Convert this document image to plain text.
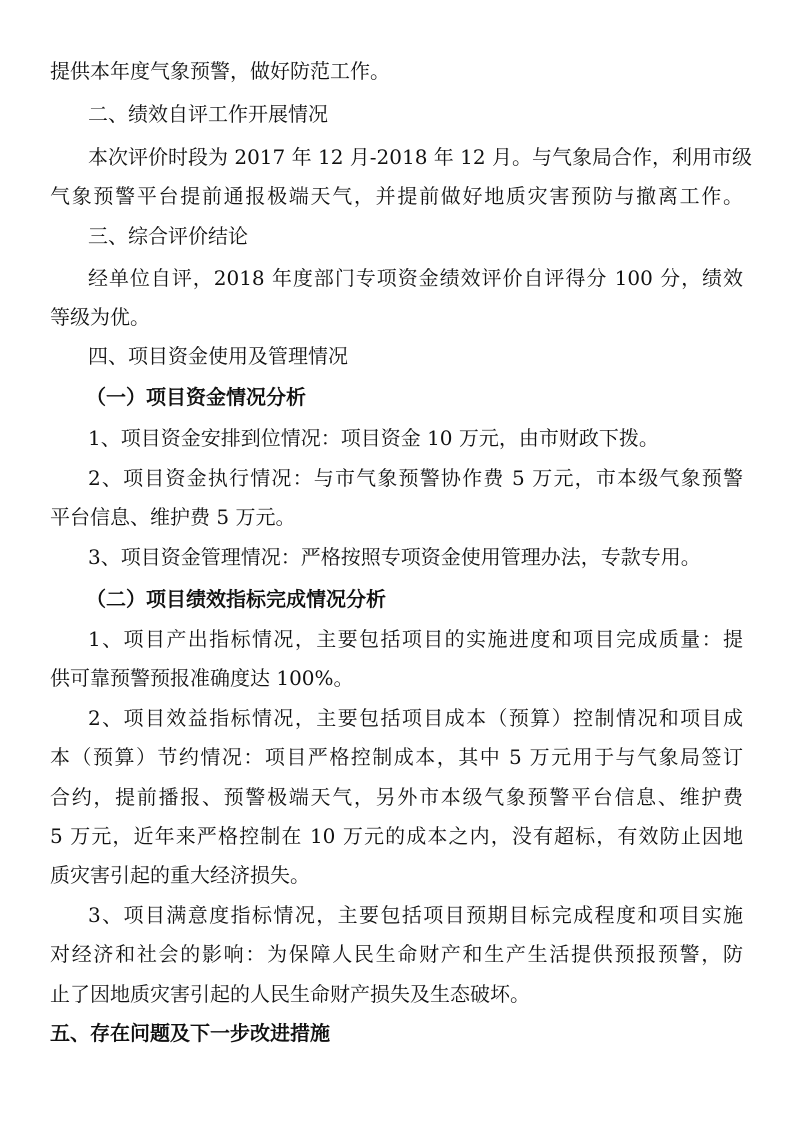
提供本年度气象预警，做好防范工作。
二、绩效自评工作开展情况
本次评价时段为 2017 年 12 月-2018 年 12 月。与气象局合作，利用市级
气象预警平台提前通报极端天气，并提前做好地质灾害预防与撤离工作。
三、综合评价结论
经单位自评，2018 年度部门专项资金绩效评价自评得分 100 分，绩效
等级为优。
四、项目资金使用及管理情况
（一）项目资金情况分析
1、项目资金安排到位情况：项目资金 10 万元，由市财政下拨。
2、项目资金执行情况：与市气象预警协作费 5 万元，市本级气象预警
平台信息、维护费 5 万元。
3、项目资金管理情况：严格按照专项资金使用管理办法，专款专用。
（二）项目绩效指标完成情况分析
1、项目产出指标情况，主要包括项目的实施进度和项目完成质量：提
供可靠预警预报准确度达 100%。
2、项目效益指标情况，主要包括项目成本（预算）控制情况和项目成
本（预算）节约情况：项目严格控制成本，其中 5 万元用于与气象局签订
合约，提前播报、预警极端天气，另外市本级气象预警平台信息、维护费
5 万元，近年来严格控制在 10 万元的成本之内，没有超标，有效防止因地
质灾害引起的重大经济损失。
3、项目满意度指标情况，主要包括项目预期目标完成程度和项目实施
对经济和社会的影响：为保障人民生命财产和生产生活提供预报预警，防
止了因地质灾害引起的人民生命财产损失及生态破坏。
五、存在问题及下一步改进措施
